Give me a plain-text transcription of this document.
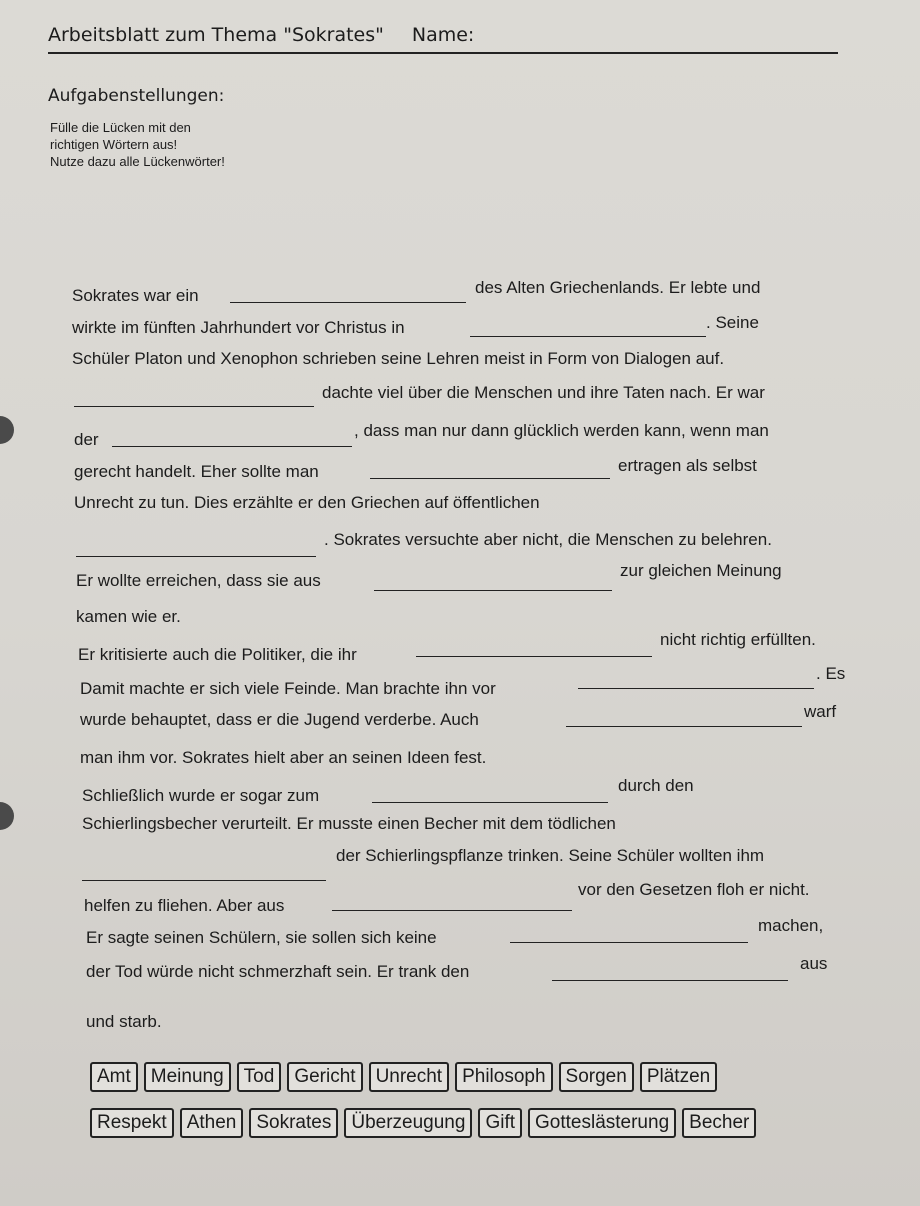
Arbeitsblatt zum Thema "Sokrates" Name:
Aufgabenstellungen:
Fülle die Lücken mit den
richtigen Wörtern aus!
Nutze dazu alle Lückenwörter!
Sokrates war ein	des Alten Griechenlands. Er lebte und
wirkte im fünften Jahrhundert vor Christus in	. Seine
Schüler Platon und Xenophon schrieben seine Lehren meist in Form von Dialogen auf.
dachte viel über die Menschen und ihre Taten nach. Er war
der	, dass man nur dann glücklich werden kann, wenn man
gerecht handelt. Eher sollte man	ertragen als selbst
Unrecht zu tun. Dies erzählte er den Griechen auf öffentlichen
. Sokrates versuchte aber nicht, die Menschen zu belehren.
Er wollte erreichen, dass sie aus
zur gleichen Meinung
kamen wie er.
Er kritisierte auch die Politiker, die ihr
nicht richtig erfüllten.
Damit machte er sich viele Feinde. Man brachte ihn vor
. Es
wurde behauptet, dass er die Jugend verderbe. Auch	warf
man ihm vor. Sokrates hielt aber an seinen Ideen fest.
Schließlich wurde er sogar zum
durch den
Schierlingsbecher verurteilt. Er musste einen Becher mit dem tödlichen
der Schierlingspflanze trinken. Seine Schüler wollten ihm
helfen zu fliehen. Aber aus
vor den Gesetzen floh er nicht.
Er sagte seinen Schülern, sie sollen sich keine
machen,
der Tod würde nicht schmerzhaft sein. Er trank den	aus
und starb.
Amt	Meinung	Tod	Gericht	Unrecht	Philosoph	Sorgen	Plätzen
Respekt	Athen	Sokrates	Überzeugung	Gift	Gotteslästerung	Becher
